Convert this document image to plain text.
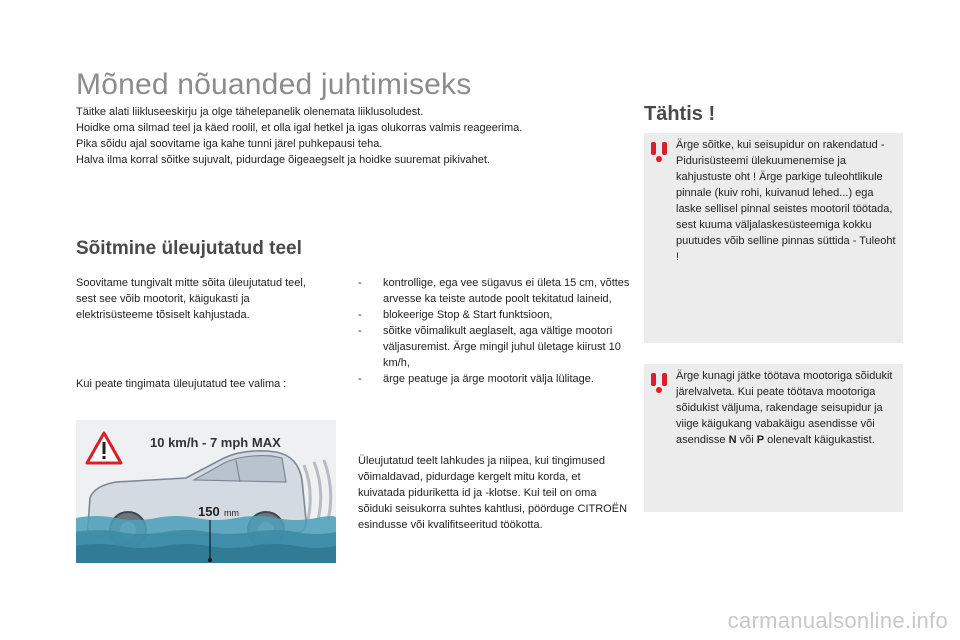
Mõned nõuanded juhtimiseks
Täitke alati liikluseeskirju ja olge tähelepanelik olenemata liiklusoludest.
Hoidke oma silmad teel ja käed roolil, et olla igal hetkel ja igas olukorras valmis reageerima.
Pika sõidu ajal soovitame iga kahe tunni järel puhkepausi teha.
Halva ilma korral sõitke sujuvalt, pidurdage õigeaegselt ja hoidke suuremat pikivahet.
Sõitmine üleujutatud teel
Soovitame tungivalt mitte sõita üleujutatud teel, sest see võib mootorit, käigukasti ja elektrisüsteeme tõsiselt kahjustada.
Kui peate tingimata üleujutatud tee valima :
- kontrollige, ega vee sügavus ei ületa 15 cm, võttes arvesse ka teiste autode poolt tekitatud laineid,
- blokeerige Stop & Start funktsioon,
- sõitke võimalikult aeglaselt, aga vältige mootori väljasuremist. Ärge mingil juhul ületage kiirust 10 km/h,
- ärge peatuge ja ärge mootorit välja lülitage.
Üleujutatud teelt lahkudes ja niipea, kui tingimused võimaldavad, pidurdage kergelt mitu korda, et kuivatada piduriketta id ja -klotse. Kui teil on oma sõiduki seisukorra suhtes kahtlusi, pöörduge CITROËN esindusse või kvalifitseeritud töökotta.
10 km/h - 7 mph MAX
150 mm
Tähtis !
Ärge sõitke, kui seisupidur on rakendatud - Pidurisüsteemi ülekuumenemise ja kahjustuste oht ! Ärge parkige tuleohtlikule pinnale (kuiv rohi, kuivanud lehed...) ega laske sellisel pinnal seistes mootoril töötada, sest kuuma väljalaskesüsteemiga kokku puutudes võib selline pinnas süttida - Tuleoht !
Ärge kunagi jätke töötava mootoriga sõidukit järelvalveta. Kui peate töötava mootoriga sõidukist väljuma, rakendage seisupidur ja viige käigukang vabakäigu asendisse või asendisse N või P olenevalt käigukastist.
carmanualsonline.info
